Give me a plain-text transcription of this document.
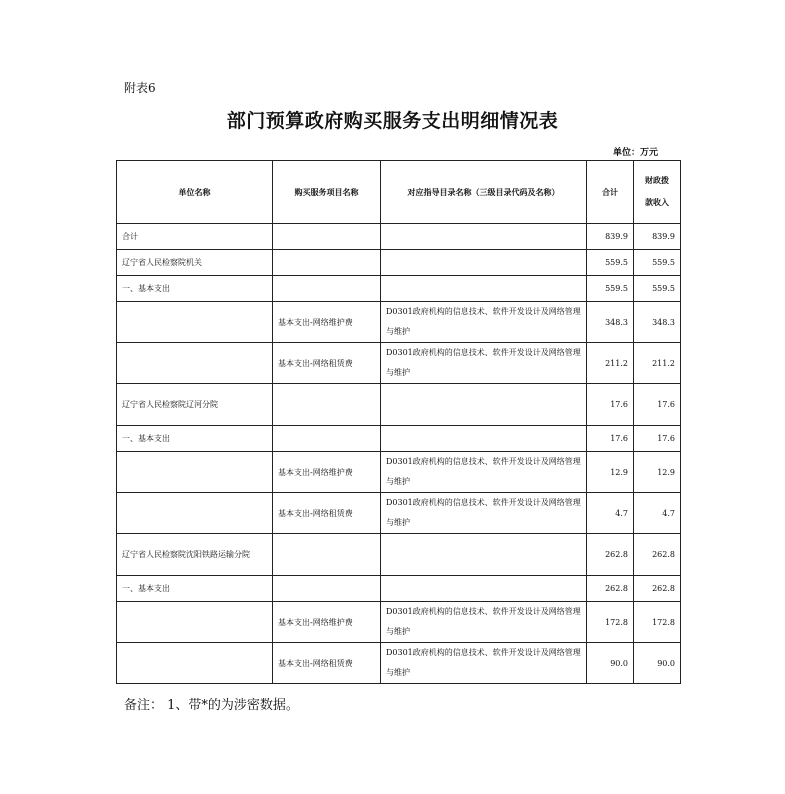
附表6
部门预算政府购买服务支出明细情况表
单位：万元
单位名称	购买服务项目名称	对应指导目录名称（三级目录代码及名称）	合计	财政拨
款收入

合计			839.9	839.9
辽宁省人民检察院机关			559.5	559.5
一、基本支出			559.5	559.5
	基本支出-网络维护费	D0301政府机构的信息技术、软件开发设计及网络管理与维护	348.3	348.3
	基本支出-网络租赁费	D0301政府机构的信息技术、软件开发设计及网络管理与维护	211.2	211.2
辽宁省人民检察院辽河分院			17.6	17.6
一、基本支出			17.6	17.6
	基本支出-网络维护费	D0301政府机构的信息技术、软件开发设计及网络管理与维护	12.9	12.9
	基本支出-网络租赁费	D0301政府机构的信息技术、软件开发设计及网络管理与维护	4.7	4.7
辽宁省人民检察院沈阳铁路运输分院			262.8	262.8
一、基本支出			262.8	262.8
	基本支出-网络维护费	D0301政府机构的信息技术、软件开发设计及网络管理与维护	172.8	172.8
	基本支出-网络租赁费	D0301政府机构的信息技术、软件开发设计及网络管理与维护	90.0	90.0
备注： 1、带*的为涉密数据。
